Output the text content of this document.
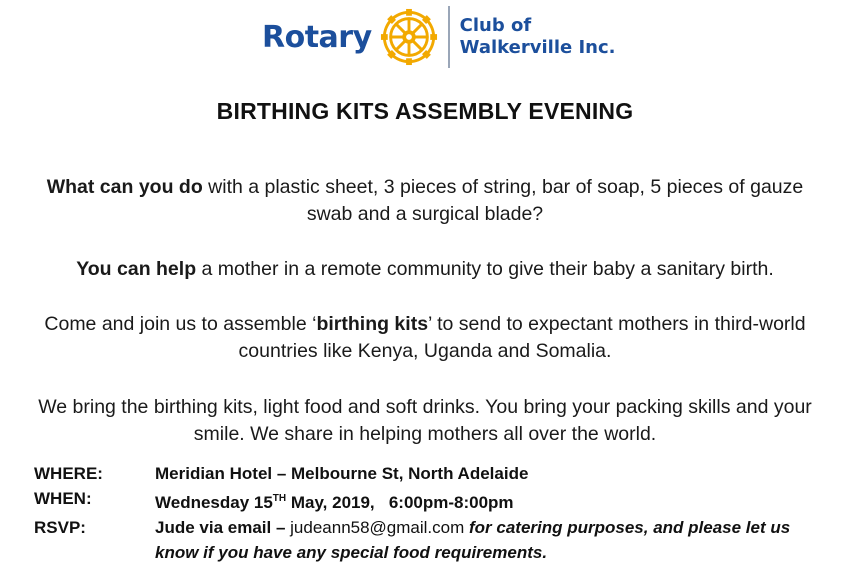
Rotary	Club of
Walkerville Inc.
BIRTHING KITS ASSEMBLY EVENING
What can you do with a plastic sheet, 3 pieces of string, bar of soap, 5 pieces of gauze swab and a surgical blade?
You can help a mother in a remote community to give their baby a sanitary birth.
Come and join us to assemble ‘birthing kits’ to send to expectant mothers in third-world countries like Kenya, Uganda and Somalia.
We bring the birthing kits, light food and soft drinks. You bring your packing skills and your smile. We share in helping mothers all over the world.
WHERE:	Meridian Hotel – Melbourne St, North Adelaide
WHEN:	Wednesday 15TH May, 2019,   6:00pm-8:00pm
RSVP:	Jude via email – judeann58@gmail.com for catering purposes, and please let us know if you have any special food requirements.
